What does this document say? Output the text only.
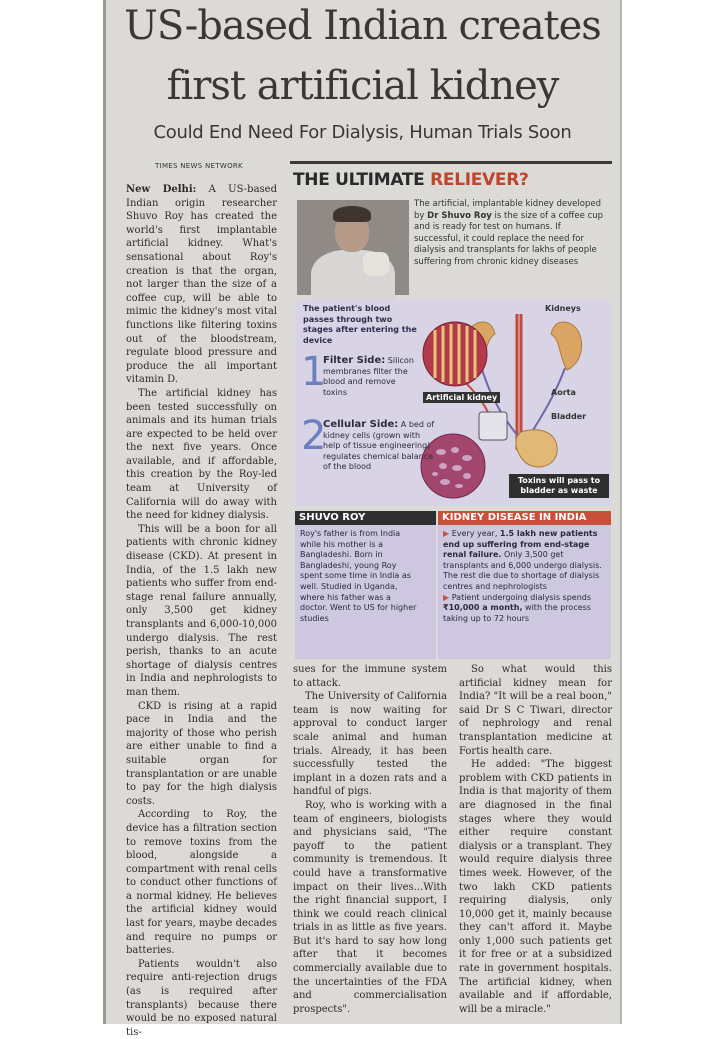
US-based Indian creates
first artificial kidney
Could End Need For Dialysis, Human Trials Soon
TIMES NEWS NETWORK

New Delhi: A US-based Indian origin researcher Shuvo Roy has created the world's first implantable artificial kidney. What's sensational about Roy's creation is that the organ, not larger than the size of a coffee cup, will be able to mimic the kidney's most vital functions like filtering toxins out of the bloodstream, regulate blood pressure and produce the all important vitamin D.

The artificial kidney has been tested successfully on animals and its human trials are expected to be held over the next five years. Once available, and if affordable, this creation by the Roy-led team at University of California will do away with the need for kidney dialysis.

This will be a boon for all patients with chronic kidney disease (CKD). At present in India, of the 1.5 lakh new patients who suffer from end-stage renal failure annually, only 3,500 get kidney transplants and 6,000-10,000 undergo dialysis. The rest perish, thanks to an acute shortage of dialysis centres in India and nephrologists to man them.

CKD is rising at a rapid pace in India and the majority of those who perish are either unable to find a suitable organ for transplantation or are unable to pay for the high dialysis costs.

According to Roy, the device has a filtration section to remove toxins from the blood, alongside a compartment with renal cells to conduct other functions of a normal kidney. He believes the artificial kidney would last for years, maybe decades and require no pumps or batteries.

Patients wouldn't also require anti-rejection drugs (as is required after transplants) because there would be no exposed natural tis-

THE ULTIMATE RELIEVER?
The artificial, implantable kidney developed by Dr Shuvo Roy is the size of a coffee cup and is ready for test on humans. If successful, it could replace the need for dialysis and transplants for lakhs of people suffering from chronic kidney diseases
The patient's blood passes through two stages after entering the device
1
Filter Side: Silicon membranes filter the blood and remove toxins
2
Cellular Side: A bed of kidney cells (grown with help of tissue engineering) regulates chemical balance of the blood
Artificial kidney
Kidneys
Aorta
Bladder
Toxins will pass to bladder as waste
SHUVO ROY
Roy's father is from India while his mother is a Bangladeshi. Born in Bangladeshi, young Roy spent some time in India as well. Studied in Uganda, where his father was a doctor. Went to US for higher studies
KIDNEY DISEASE IN INDIA
▶ Every year, 1.5 lakh new patients end up suffering from end-stage renal failure. Only 3,500 get transplants and 6,000 undergo dialysis. The rest die due to shortage of dialysis centres and nephrologists
▶ Patient undergoing dialysis spends ₹10,000 a month, with the process taking up to 72 hours

sues for the immune system to attack.

The University of California team is now waiting for approval to conduct larger scale animal and human trials. Already, it has been successfully tested the implant in a dozen rats and a handful of pigs.

Roy, who is working with a team of engineers, biologists and physicians said, "The payoff to the patient community is tremendous. It could have a transformative impact on their lives...With the right financial support, I think we could reach clinical trials in as little as five years. But it's hard to say how long after that it becomes commercially available due to the uncertainties of the FDA and commercialisation prospects".

So what would this artificial kidney mean for India? "It will be a real boon," said Dr S C Tiwari, director of nephrology and renal transplantation medicine at Fortis health care.

He added: "The biggest problem with CKD patients in India is that majority of them are diagnosed in the final stages where they would either require constant dialysis or a transplant. They would require dialysis three times week. However, of the two lakh CKD patients requiring dialysis, only 10,000 get it, mainly because they can't afford it. Maybe only 1,000 such patients get it for free or at a subsidized rate in government hospitals. The artificial kidney, when available and if affordable, will be a miracle."
